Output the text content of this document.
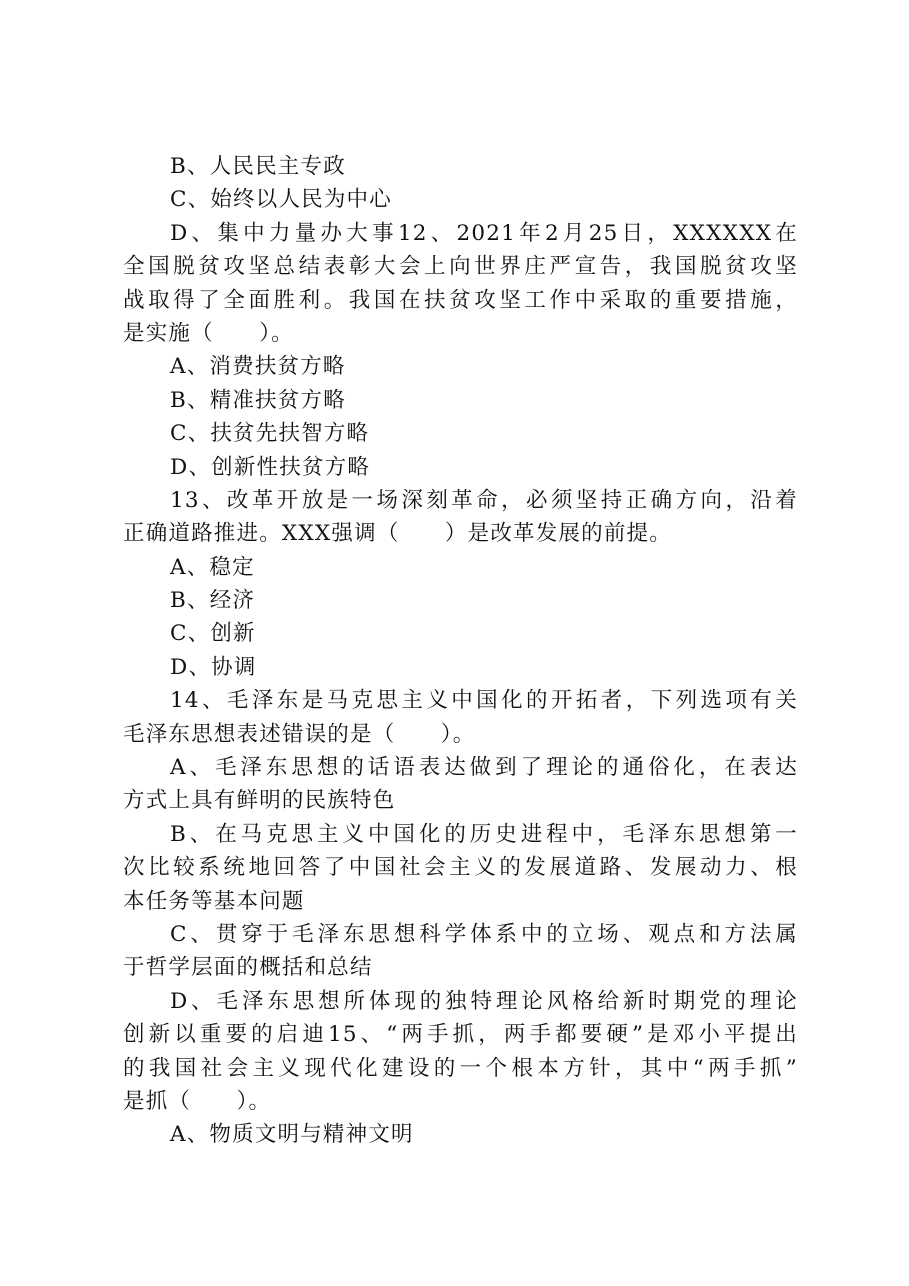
B、人民民主专政
C、始终以人民为中心
D、集中力量办大事12、2021年2月25日，XXXXXX在
全国脱贫攻坚总结表彰大会上向世界庄严宣告，我国脱贫攻坚
战取得了全面胜利。我国在扶贫攻坚工作中采取的重要措施，
是实施（　　）。
A、消费扶贫方略
B、精准扶贫方略
C、扶贫先扶智方略
D、创新性扶贫方略
13、改革开放是一场深刻革命，必须坚持正确方向，沿着
正确道路推进。XXX强调（　　）是改革发展的前提。
A、稳定
B、经济
C、创新
D、协调
14、毛泽东是马克思主义中国化的开拓者，下列选项有关
毛泽东思想表述错误的是（　　）。
A、毛泽东思想的话语表达做到了理论的通俗化，在表达
方式上具有鲜明的民族特色
B、在马克思主义中国化的历史进程中，毛泽东思想第一
次比较系统地回答了中国社会主义的发展道路、发展动力、根
本任务等基本问题
C、贯穿于毛泽东思想科学体系中的立场、观点和方法属
于哲学层面的概括和总结
D、毛泽东思想所体现的独特理论风格给新时期党的理论
创新以重要的启迪15、“两手抓，两手都要硬”是邓小平提出
的我国社会主义现代化建设的一个根本方针，其中“两手抓”
是抓（　　）。
A、物质文明与精神文明
